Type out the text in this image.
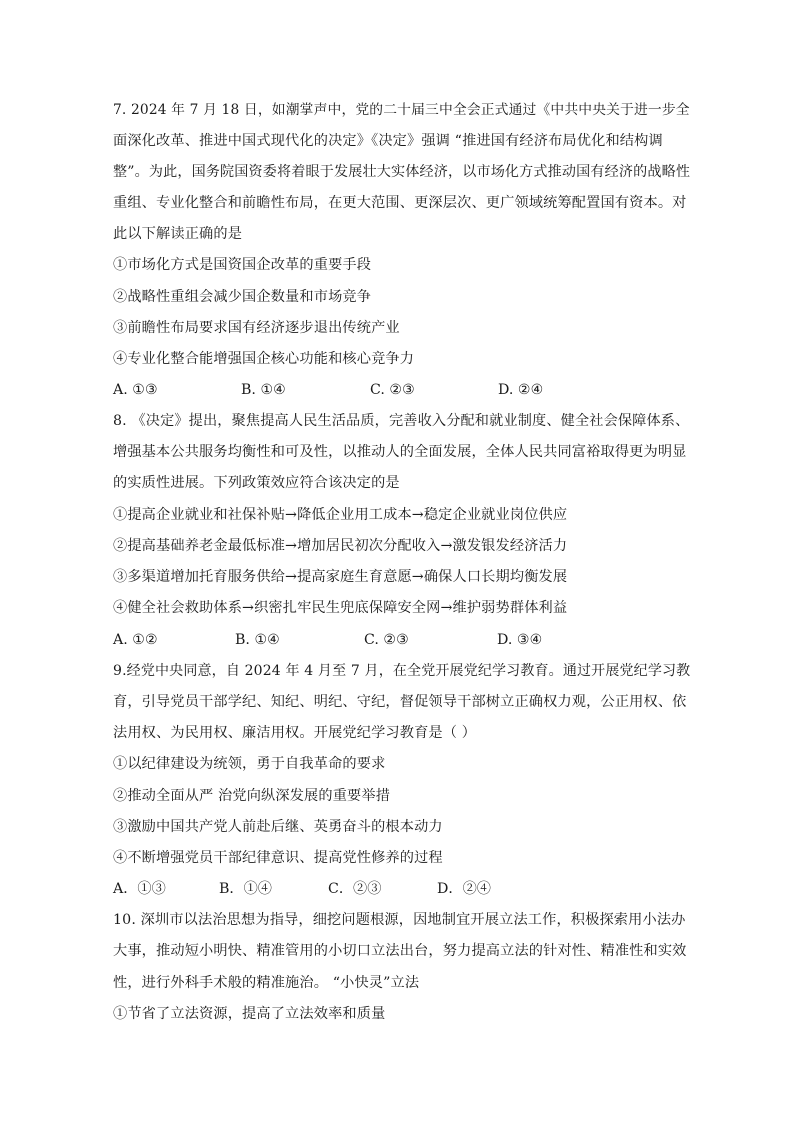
7. 2024 年 7 月 18 日，如潮掌声中，党的二十届三中全会正式通过《中共中央关于进一步全
面深化改革、推进中国式现代化的决定》《决定》强调 “推进国有经济布局优化和结构调
整”。为此，国务院国资委将着眼于发展壮大实体经济，以市场化方式推动国有经济的战略性
重组、专业化整合和前瞻性布局，在更大范围、更深层次、更广领域统筹配置国有资本。对
此以下解读正确的是
①市场化方式是国资国企改革的重要手段
②战略性重组会减少国企数量和市场竞争
③前瞻性布局要求国有经济逐步退出传统产业
④专业化整合能增强国企核心功能和核心竞争力
A. ①③	B. ①④	C. ②③	D. ②④
8. 《决定》提出，聚焦提高人民生活品质，完善收入分配和就业制度、健全社会保障体系、
增强基本公共服务均衡性和可及性，以推动人的全面发展，全体人民共同富裕取得更为明显
的实质性进展。下列政策效应符合该决定的是
①提高企业就业和社保补贴→降低企业用工成本→稳定企业就业岗位供应
②提高基础养老金最低标准→增加居民初次分配收入→激发银发经济活力
③多渠道增加托育服务供给→提高家庭生育意愿→确保人口长期均衡发展
④健全社会救助体系→织密扎牢民生兜底保障安全网→维护弱势群体利益
A. ①②	B. ①④	C. ②③	D. ③④
9.经党中央同意，自 2024 年 4 月至 7 月，在全党开展党纪学习教育。通过开展党纪学习教
育，引导党员干部学纪、知纪、明纪、守纪，督促领导干部树立正确权力观，公正用权、依
法用权、为民用权、廉洁用权。开展党纪学习教育是（ ）
①以纪律建设为统领，勇于自我革命的要求
②推动全面从严 治党向纵深发展的重要举措
③激励中国共产党人前赴后继、英勇奋斗的根本动力
④不断增强党员干部纪律意识、提高党性修养的过程
A．①③	B．①④	C．②③	D．②④
10. 深圳市以法治思想为指导，细挖问题根源，因地制宜开展立法工作，积极探索用小法办
大事，推动短小明快、精准管用的小切口立法出台，努力提高立法的针对性、精准性和实效
性，进行外科手术般的精准施治。 “小快灵”立法
①节省了立法资源，提高了立法效率和质量
